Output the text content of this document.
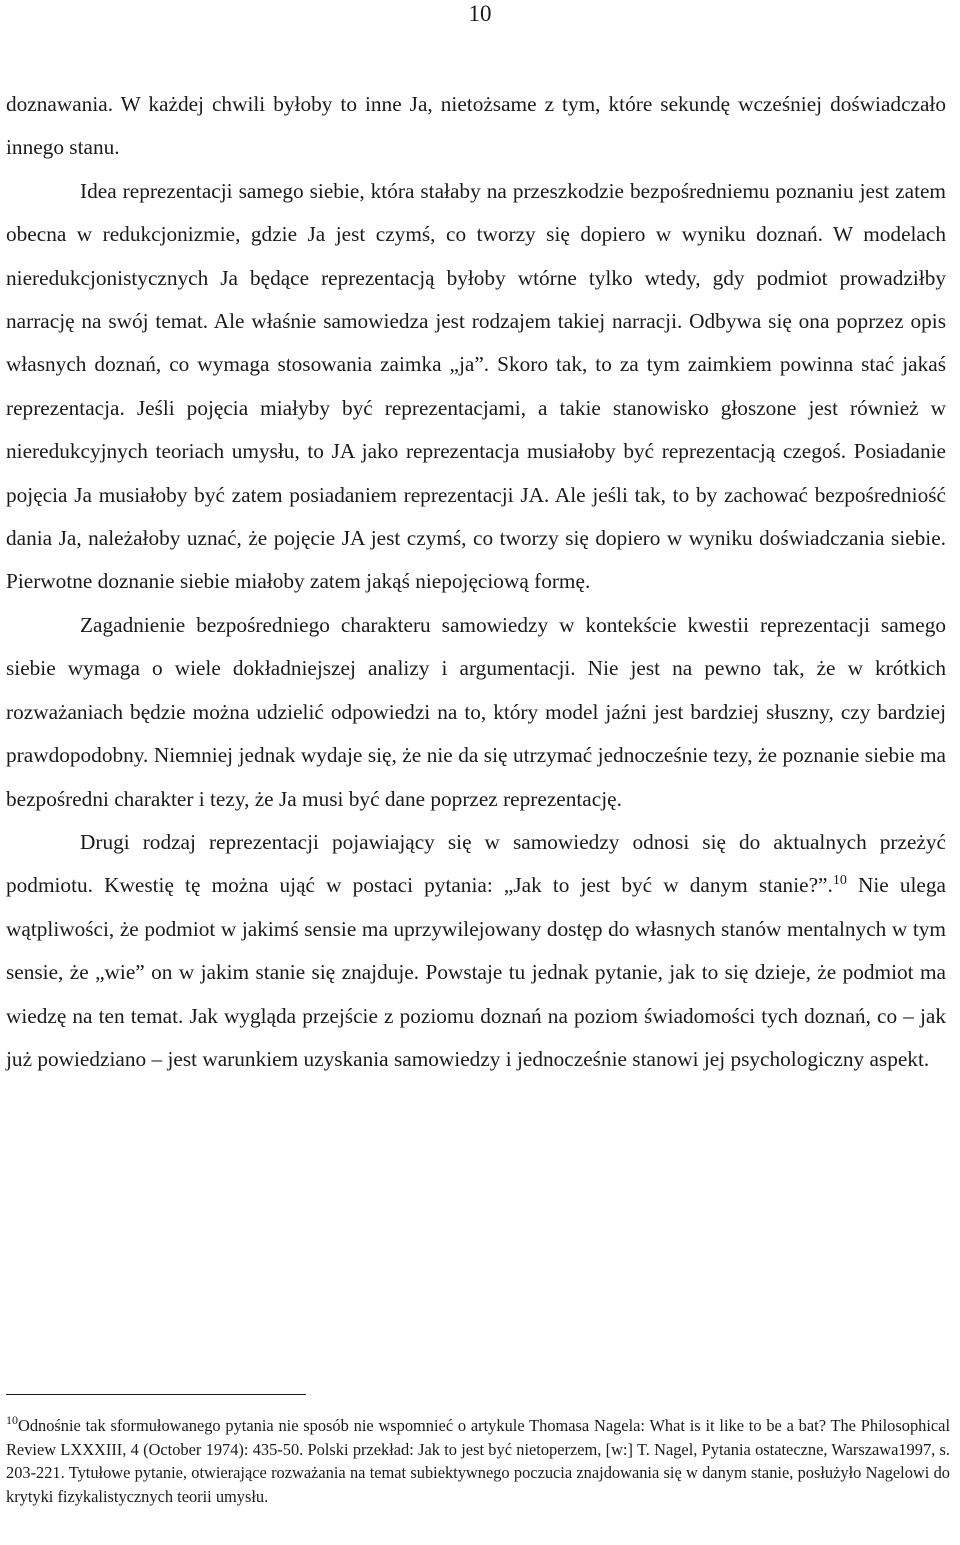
10

doznawania. W każdej chwili byłoby to inne Ja, nietożsame z tym, które sekundę wcześniej doświadczało innego stanu.

Idea reprezentacji samego siebie, która stałaby na przeszkodzie bezpośredniemu poznaniu jest zatem obecna w redukcjonizmie, gdzie Ja jest czymś, co tworzy się dopiero w wyniku doznań. W modelach nieredukcjonistycznych Ja będące reprezentacją byłoby wtórne tylko wtedy, gdy podmiot prowadziłby narrację na swój temat. Ale właśnie samowiedza jest rodzajem takiej narracji. Odbywa się ona poprzez opis własnych doznań, co wymaga stosowania zaimka „ja”. Skoro tak, to za tym zaimkiem powinna stać jakaś reprezentacja. Jeśli pojęcia miałyby być reprezentacjami, a takie stanowisko głoszone jest również w nieredukcyjnych teoriach umysłu, to JA jako reprezentacja musiałoby być reprezentacją czegoś. Posiadanie pojęcia Ja musiałoby być zatem posiadaniem reprezentacji JA. Ale jeśli tak, to by zachować bezpośredniość dania Ja, należałoby uznać, że pojęcie JA jest czymś, co tworzy się dopiero w wyniku doświadczania siebie. Pierwotne doznanie siebie miałoby zatem jakąś niepojęciową formę.

Zagadnienie bezpośredniego charakteru samowiedzy w kontekście kwestii reprezentacji samego siebie wymaga o wiele dokładniejszej analizy i argumentacji. Nie jest na pewno tak, że w krótkich rozważaniach będzie można udzielić odpowiedzi na to, który model jaźni jest bardziej słuszny, czy bardziej prawdopodobny. Niemniej jednak wydaje się, że nie da się utrzymać jednocześnie tezy, że poznanie siebie ma bezpośredni charakter i tezy, że Ja musi być dane poprzez reprezentację.

Drugi rodzaj reprezentacji pojawiający się w samowiedzy odnosi się do aktualnych przeżyć podmiotu. Kwestię tę można ująć w postaci pytania: „Jak to jest być w danym stanie?”.$^{10}$ Nie ulega wątpliwości, że podmiot w jakimś sensie ma uprzywilejowany dostęp do własnych stanów mentalnych w tym sensie, że „wie” on w jakim stanie się znajduje. Powstaje tu jednak pytanie, jak to się dzieje, że podmiot ma wiedzę na ten temat. Jak wygląda przejście z poziomu doznań na poziom świadomości tych doznań, co – jak już powiedziano – jest warunkiem uzyskania samowiedzy i jednocześnie stanowi jej psychologiczny aspekt.

$^{10}$Odnośnie tak sformułowanego pytania nie sposób nie wspomnieć o artykule Thomasa Nagela: What is it like to be a bat? The Philosophical Review LXXXIII, 4 (October 1974): 435-50. Polski przekład: Jak to jest być nietoperzem, [w:] T. Nagel, Pytania ostateczne, Warszawa1997, s. 203-221. Tytułowe pytanie, otwierające rozważania na temat subiektywnego poczucia znajdowania się w danym stanie, posłużyło Nagelowi do krytyki fizykalistycznych teorii umysłu.
